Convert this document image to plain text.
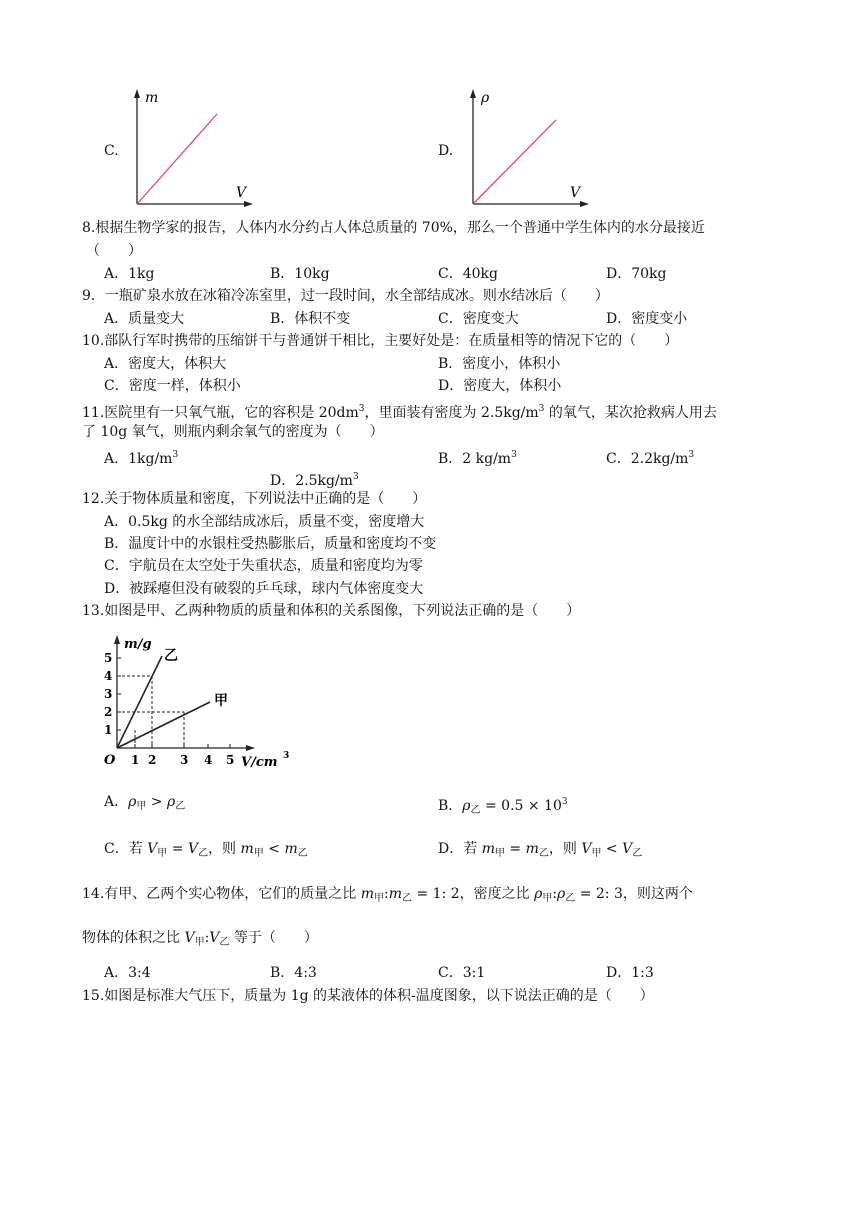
C.
m
V
D.
ρ
V
8.根据生物学家的报告，人体内水分约占人体总质量的 70%，那么一个普通中学生体内的水分最接近
（　　）
A．1kg	B．10kg	C．40kg	D．70kg
9．一瓶矿泉水放在冰箱冷冻室里，过一段时间，水全部结成冰。则水结冰后（　　）
A．质量变大	B．体积不变	C．密度变大	D．密度变小
10.部队行军时携带的压缩饼干与普通饼干相比，主要好处是：在质量相等的情况下它的（　　）
A．密度大，体积大	B．密度小，体积小
C．密度一样，体积小	D．密度大，体积小
11.医院里有一只氧气瓶，它的容积是 $20dm^3$，里面装有密度为 $2.5kg/m^3$ 的氧气，某次抢救病人用去
了 10g 氧气，则瓶内剩余氧气的密度为（　　）
A．$1kg/m^3$	B．2 $kg/m^3$	C．$2.2kg/m^3$
D．$2.5kg/m^3$
12.关于物体质量和密度，下列说法中正确的是（　　）
A．0.5kg 的水全部结成冰后，质量不变，密度增大
B．温度计中的水银柱受热膨胀后，质量和密度均不变
C．宇航员在太空处于失重状态，质量和密度均为零
D．被踩瘪但没有破裂的乒乓球，球内气体密度变大
13.如图是甲、乙两种物质的质量和体积的关系图像，下列说法正确的是（　　）
1
2
3
4
5
1 2 3 4 5
O
m/g
V/cm 3
乙
甲
A．$\rho_甲 > \rho_乙$	B．$\rho_乙 = 0.5 \times 10^3$
C．若 $V_甲 = V_乙$，则 $m_甲 < m_乙$	D．若 $m_甲 = m_乙$，则 $V_甲 < V_乙$
14.有甲、乙两个实心物体，它们的质量之比 $m_甲:m_乙 = 1$: 2，密度之比 $\rho_甲:\rho_乙 = 2$: 3，则这两个
物体的体积之比 $V_甲:V_乙$ 等于（　　）
A．3:4	B．4:3	C．3:1	D．1:3
15.如图是标准大气压下，质量为 1g 的某液体的体积-温度图象，以下说法正确的是（　　）
